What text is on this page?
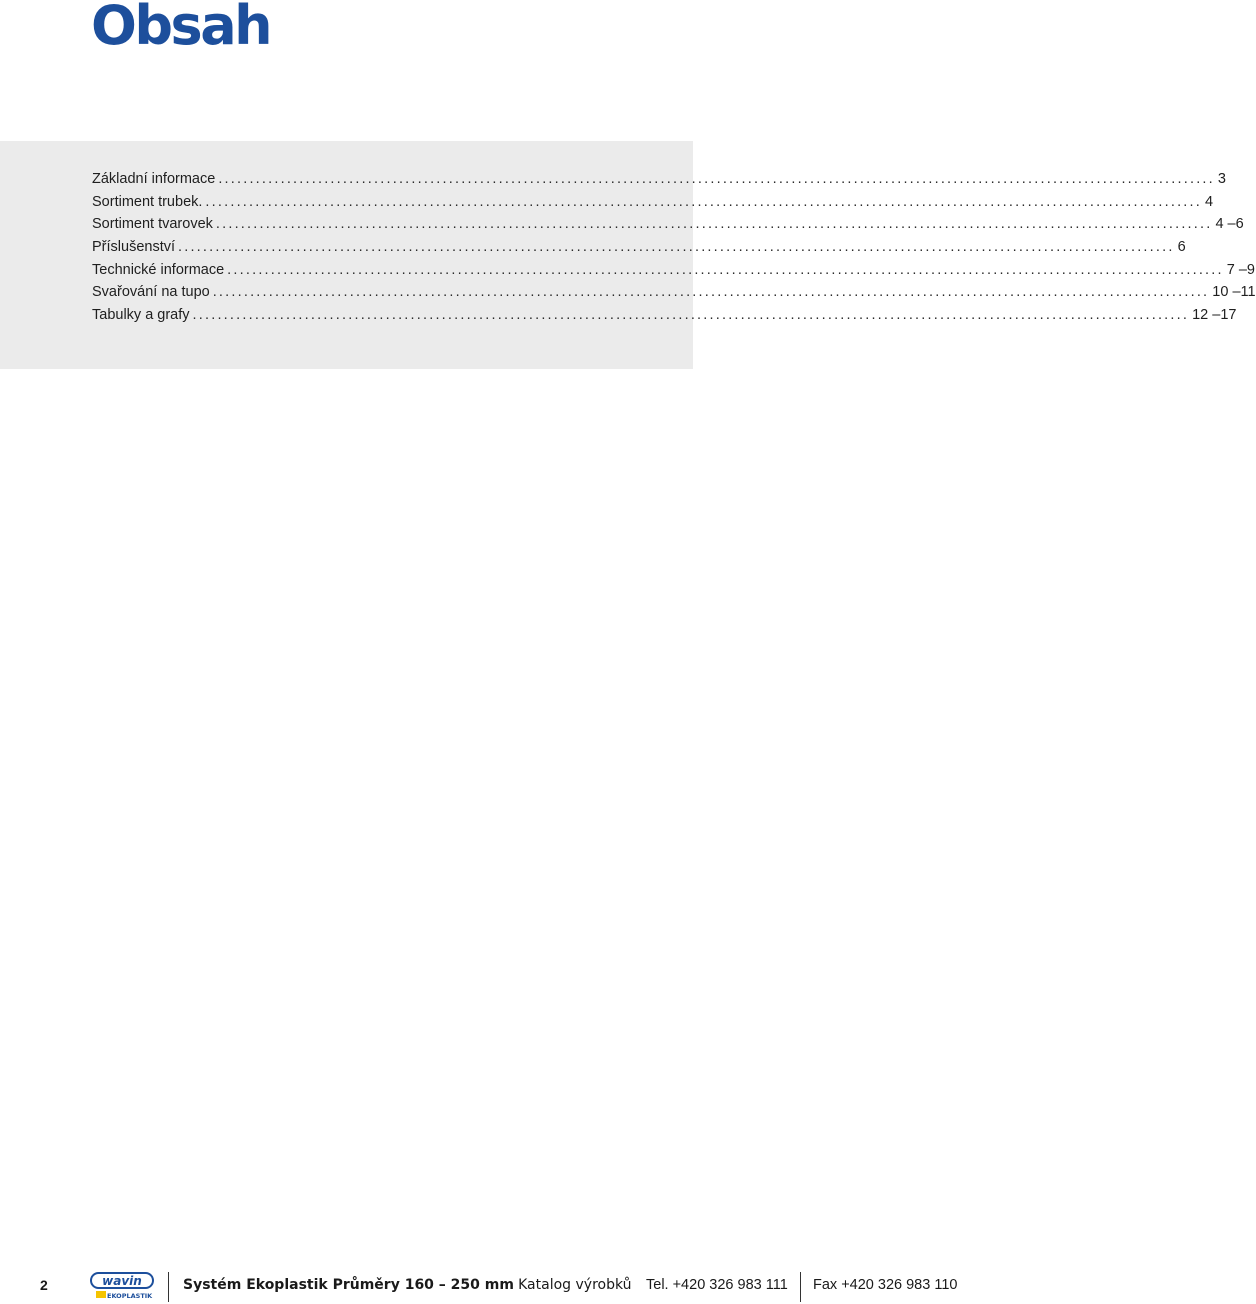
Obsah
Základní informace ................................................................................................................................................................ 3
Sortiment trubek. ................................................................................................................................................................ 4
Sortiment tvarovek ................................................................................................................................................................ 4 –6
Příslušenství ................................................................................................................................................................ 6
Technické informace ................................................................................................................................................................ 7 –9
Svařování na tupo ................................................................................................................................................................ 10 –11
Tabulky a grafy ................................................................................................................................................................ 12 –17
2	wavin
EKOPLASTIK
Systém Ekoplastik Průměry 160 – 250 mm Katalog výrobků Tel. +420 326 983 111 Fax +420 326 983 110
